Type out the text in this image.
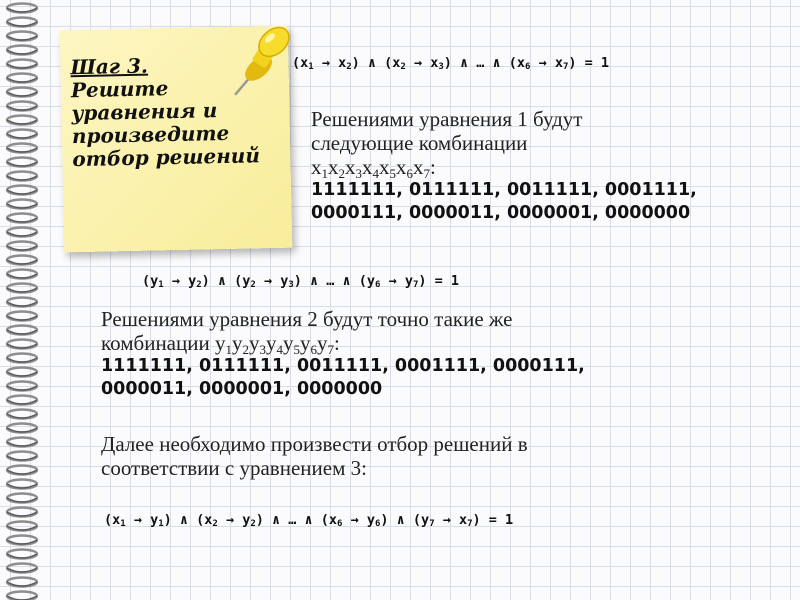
Шаг 3.
Решите
уравнения и
произведите
отбор решений
$(x_1 \to x_2)$ ∧ $(x_2 \to x_3)$ ∧ … ∧ $(x_6 \to x_7) = 1$
Решениями уравнения 1 будут
следующие комбинации
$x_1x_2x_3x_4x_5x_6x_7$:
1111111, 0111111, 0011111, 0001111,
0000111, 0000011, 0000001, 0000000
$(y_1 \to y_2)$ ∧ $(y_2 \to y_3)$ ∧ … ∧ $(y_6 \to y_7) = 1$
Решениями уравнения 2 будут точно такие же
комбинации $y_1y_2y_3y_4y_5y_6y_7$:
1111111, 0111111, 0011111, 0001111, 0000111,
0000011, 0000001, 0000000
Далее необходимо произвести отбор решений в
соответствии с уравнением 3:
$(x_1 \to y_1)$ ∧ $(x_2 \to y_2)$ ∧ … ∧ $(x_6 \to y_6)$ ∧ $(y_7 \to x_7) = 1$
